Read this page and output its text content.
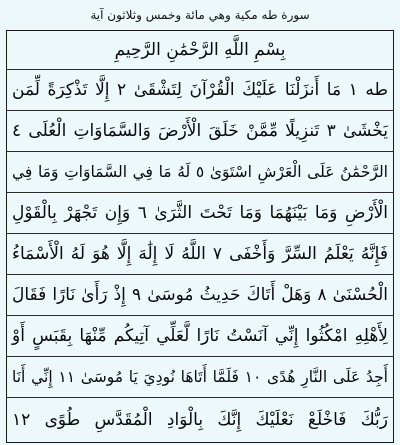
سورة طه مكية وهي مائة وخمس وثلاثون آية
بِسْمِ اللَّهِ الرَّحْمَٰنِ الرَّحِيمِ
طه ١ مَا أَنزَلْنَا عَلَيْكَ الْقُرْآنَ لِتَشْقَىٰ ٢ إِلَّا تَذْكِرَةً لِّمَن
يَخْشَىٰ ٣ تَنزِيلًا مِّمَّنْ خَلَقَ الْأَرْضَ وَالسَّمَاوَاتِ الْعُلَى ٤
الرَّحْمَٰنُ عَلَى الْعَرْشِ اسْتَوَىٰ ٥ لَهُ مَا فِي السَّمَاوَاتِ وَمَا فِي
الْأَرْضِ وَمَا بَيْنَهُمَا وَمَا تَحْتَ الثَّرَىٰ ٦ وَإِن تَجْهَرْ بِالْقَوْلِ
فَإِنَّهُ يَعْلَمُ السِّرَّ وَأَخْفَى ٧ اللَّهُ لَا إِلَٰهَ إِلَّا هُوَ لَهُ الْأَسْمَاءُ
الْحُسْنَىٰ ٨ وَهَلْ أَتَاكَ حَدِيثُ مُوسَىٰ ٩ إِذْ رَأَىٰ نَارًا فَقَالَ
لِأَهْلِهِ امْكُثُوا إِنِّي آنَسْتُ نَارًا لَّعَلِّي آتِيكُم مِّنْهَا بِقَبَسٍ أَوْ
أَجِدُ عَلَى النَّارِ هُدًى ١٠ فَلَمَّا أَتَاهَا نُودِيَ يَا مُوسَىٰ ١١ إِنِّي أَنَا
رَبُّكَ فَاخْلَعْ نَعْلَيْكَ إِنَّكَ بِالْوَادِ الْمُقَدَّسِ طُوًى ١٢
